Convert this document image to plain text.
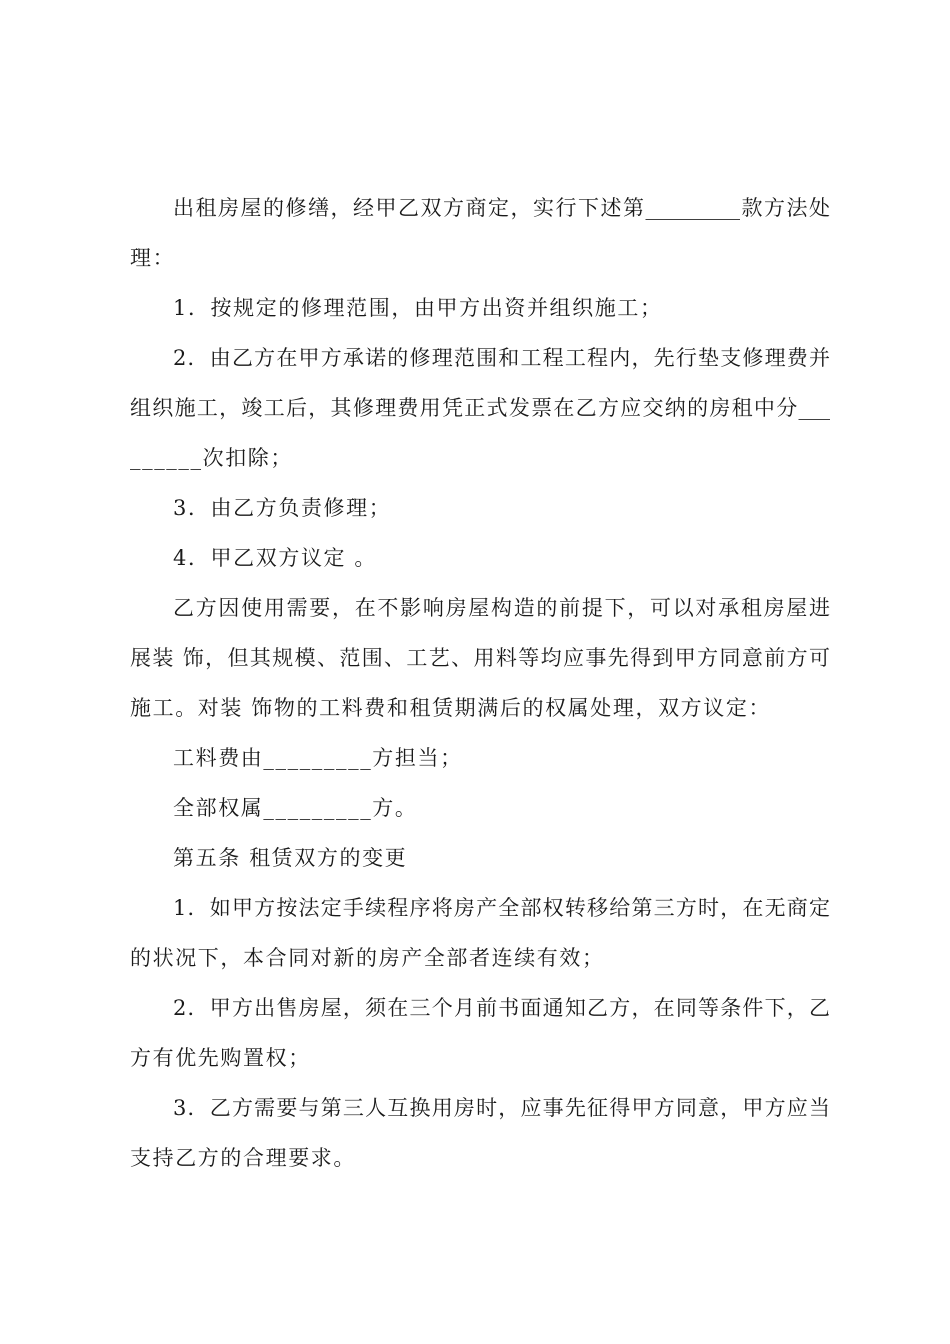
出租房屋的修缮，经甲乙双方商定，实行下述第_________款方法处
理：
1．按规定的修理范围，由甲方出资并组织施工；
2．由乙方在甲方承诺的修理范围和工程工程内，先行垫支修理费并
组织施工，竣工后，其修理费用凭正式发票在乙方应交纳的房租中分___
______次扣除；
3．由乙方负责修理；
4．甲乙双方议定 。
乙方因使用需要，在不影响房屋构造的前提下，可以对承租房屋进
展装 饰，但其规模、范围、工艺、用料等均应事先得到甲方同意前方可
施工。对装 饰物的工料费和租赁期满后的权属处理，双方议定：
工料费由_________方担当；
全部权属_________方。
第五条 租赁双方的变更
1．如甲方按法定手续程序将房产全部权转移给第三方时，在无商定
的状况下，本合同对新的房产全部者连续有效；
2．甲方出售房屋，须在三个月前书面通知乙方，在同等条件下，乙
方有优先购置权；
3．乙方需要与第三人互换用房时，应事先征得甲方同意，甲方应当
支持乙方的合理要求。
